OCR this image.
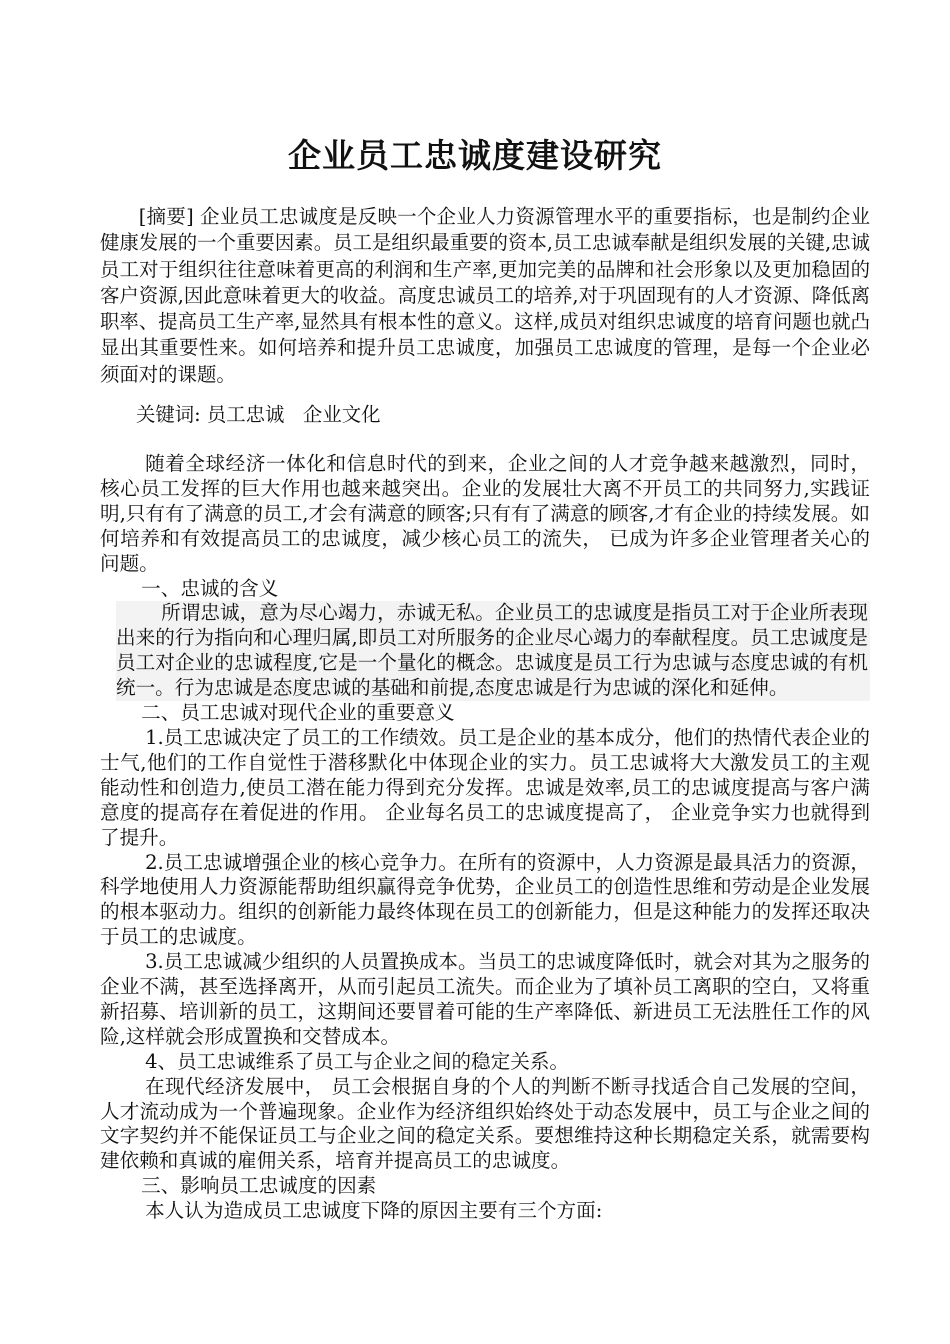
企业员工忠诚度建设研究

[摘要] 企业员工忠诚度是反映一个企业人力资源管理水平的重要指标，也是制约企业健康发展的一个重要因素。员工是组织最重要的资本,员工忠诚奉献是组织发展的关键,忠诚员工对于组织往往意味着更高的利润和生产率,更加完美的品牌和社会形象以及更加稳固的客户资源,因此意味着更大的收益。高度忠诚员工的培养,对于巩固现有的人才资源、降低离职率、提高员工生产率,显然具有根本性的意义。这样,成员对组织忠诚度的培育问题也就凸显出其重要性来。如何培养和提升员工忠诚度，加强员工忠诚度的管理，是每一个企业必须面对的课题。

关键词: 员工忠诚   企业文化

随着全球经济一体化和信息时代的到来，企业之间的人才竞争越来越激烈，同时，核心员工发挥的巨大作用也越来越突出。企业的发展壮大离不开员工的共同努力,实践证明,只有有了满意的员工,才会有满意的顾客;只有有了满意的顾客,才有企业的持续发展。如何培养和有效提高员工的忠诚度，减少核心员工的流失， 已成为许多企业管理者关心的问题。

一、忠诚的含义

所谓忠诚，意为尽心竭力，赤诚无私。企业员工的忠诚度是指员工对于企业所表现出来的行为指向和心理归属,即员工对所服务的企业尽心竭力的奉献程度。员工忠诚度是员工对企业的忠诚程度,它是一个量化的概念。忠诚度是员工行为忠诚与态度忠诚的有机统一。行为忠诚是态度忠诚的基础和前提,态度忠诚是行为忠诚的深化和延伸。

二、员工忠诚对现代企业的重要意义

1.员工忠诚决定了员工的工作绩效。员工是企业的基本成分，他们的热情代表企业的士气,他们的工作自觉性于潜移默化中体现企业的实力。员工忠诚将大大激发员工的主观能动性和创造力,使员工潜在能力得到充分发挥。忠诚是效率,员工的忠诚度提高与客户满意度的提高存在着促进的作用。 企业每名员工的忠诚度提高了， 企业竞争实力也就得到了提升。

2.员工忠诚增强企业的核心竞争力。在所有的资源中，人力资源是最具活力的资源，科学地使用人力资源能帮助组织赢得竞争优势，企业员工的创造性思维和劳动是企业发展的根本驱动力。组织的创新能力最终体现在员工的创新能力，但是这种能力的发挥还取决于员工的忠诚度。

3.员工忠诚减少组织的人员置换成本。当员工的忠诚度降低时，就会对其为之服务的企业不满，甚至选择离开，从而引起员工流失。而企业为了填补员工离职的空白，又将重新招募、培训新的员工，这期间还要冒着可能的生产率降低、新进员工无法胜任工作的风险,这样就会形成置换和交替成本。

4、员工忠诚维系了员工与企业之间的稳定关系。

在现代经济发展中， 员工会根据自身的个人的判断不断寻找适合自己发展的空间，人才流动成为一个普遍现象。企业作为经济组织始终处于动态发展中，员工与企业之间的文字契约并不能保证员工与企业之间的稳定关系。要想维持这种长期稳定关系，就需要构建依赖和真诚的雇佣关系，培育并提高员工的忠诚度。

三、影响员工忠诚度的因素

本人认为造成员工忠诚度下降的原因主要有三个方面:
